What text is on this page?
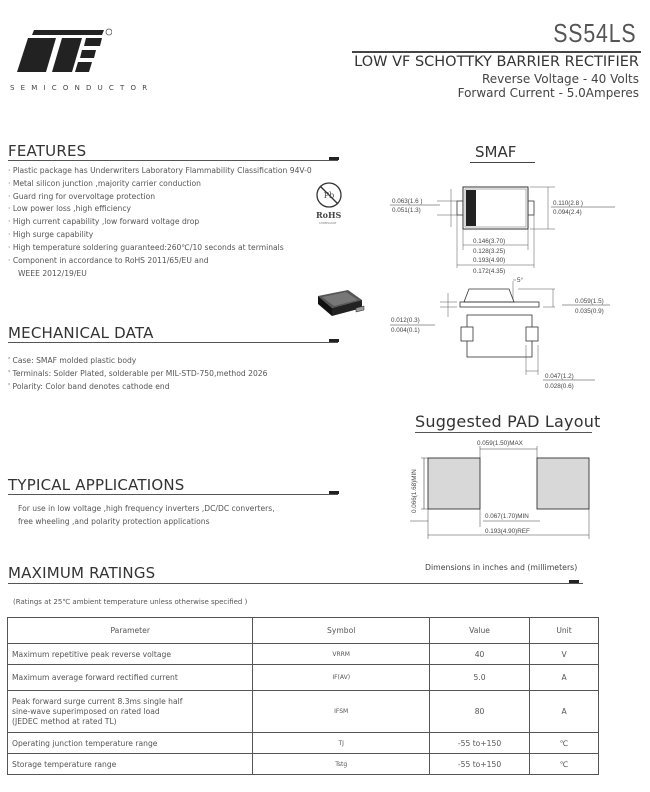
SEMICONDUCTOR
SS54LS
LOW VF SCHOTTKY BARRIER RECTIFIER
Reverse Voltage - 40 Volts
Forward Current - 5.0Amperes
FEATURES
· Plastic package has Underwriters Laboratory Flammability Classification 94V-0
· Metal silicon junction ,majority carrier conduction
· Guard ring for overvoltage protection
· Low power loss ,high efficiency
· High current capability ,low forward voltage drop
· High surge capability
· High temperature soldering guaranteed:260℃/10 seconds at terminals
· Component in accordance to RoHS 2011/65/EU and
WEEE 2012/19/EU
Pb
RoHS
COMPLIANT
MECHANICAL DATA
' Case: SMAF molded plastic body
' Terminals: Solder Plated, solderable per MIL-STD-750,method 2026
' Polarity: Color band denotes cathode end
TYPICAL APPLICATIONS
For use in low voltage ,high frequency inverters ,DC/DC converters,
free wheeling ,and polarity protection applications
SMAF
0.063(1.6 )
0.051(1.3)
0.110(2.8 )
0.094(2.4)
0.146(3.70)
0.128(3.25)
0.193(4.90)
0.172(4.35)
5°
0.059(1.5)
0.035(0.9)
0.012(0.3)
0.004(0.1)
0.047(1.2)
0.028(0.6)
Suggested PAD Layout
0.059(1.50)MAX
0.066(1.68)MIN
0.067(1.70)MIN
0.193(4.90)REF
Dimensions in inches and (millimeters)
MAXIMUM RATINGS
(Ratings at 25℃ ambient temperature unless otherwise specified )
Parameter	Symbol	Value	Unit
Maximum repetitive peak reverse voltage	VRRM	40	V
Maximum average forward rectified current	IF(AV)	5.0	A

Peak forward surge current 8.3ms single half
sine-wave superimposed on rated load
(JEDEC method at rated TL)	IFSM	80	A
Operating junction temperature range	TJ	-55 to+150	℃
Storage temperature range	Tstg	-55 to+150	℃
